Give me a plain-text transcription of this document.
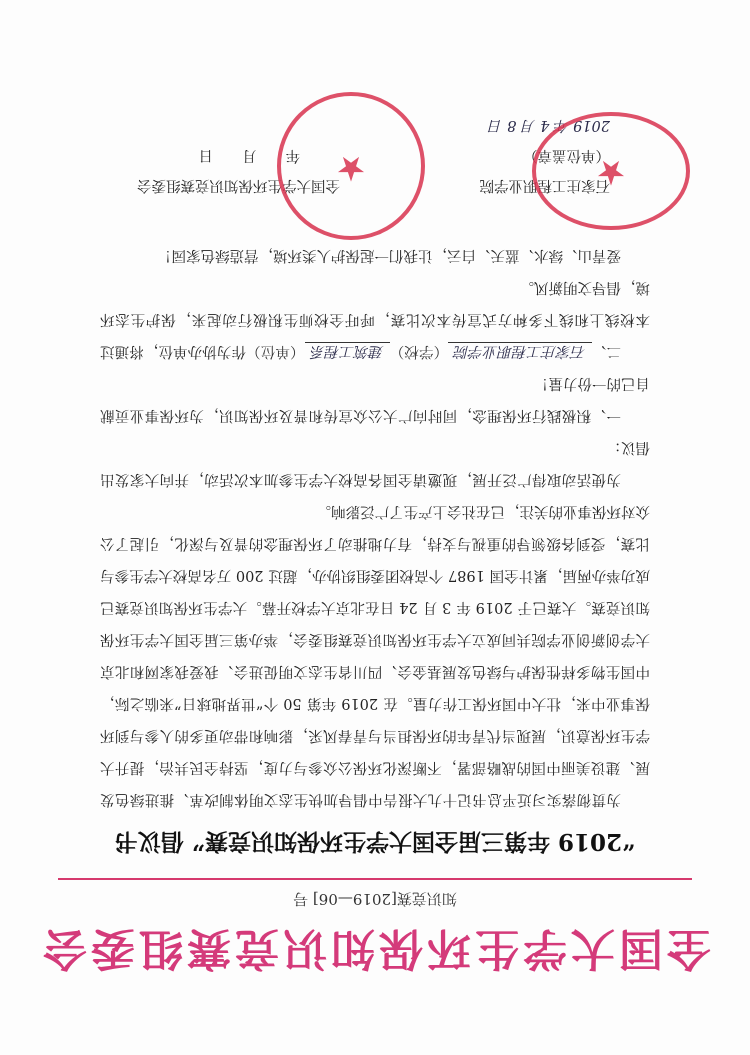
全国大学生环保知识竞赛组委会
知识竞赛[2019—06] 号
“2019 年第三届全国大学生环保知识竞赛” 倡议书

为贯彻落实习近平总书记十九大报告中倡导加快生态文明体制改革、推进绿色发展、建设美丽中国的战略部署，不断深化环保公众参与力度，坚持全民共治，提升大学生环保意识，展现当代青年的环保担当与青春风采，影响和带动更多的人参与到环保事业中来，壮大中国环保工作力量。在 2019 年第 50 个“世界地球日”来临之际，中国生物多样性保护与绿色发展基金会、四川省生态文明促进会、我爱我家网和北京大学创新创业学院共同成立大学生环保知识竞赛组委会，举办第三届全国大学生环保知识竞赛。大赛已于 2019 年 3 月 24 日在北京大学校开幕。大学生环保知识竞赛已成功举办两届，累计全国 1987 个高校团委组织协办，超过 200 万名高校大学生参与比赛，受到各级领导的重视与支持，有力地推动了环保理念的普及与深化，引起了公众对环保事业的关注，已在社会上产生了广泛影响。

为使活动取得广泛开展，现邀请全国各高校大学生参加本次活动，并向大家发出倡议：

一、积极践行环保理念，同时向广大公众宣传和普及环保知识，为环保事业贡献自己的一份力量！

二、石家庄工程职业学院（学校）建筑工程系（单位）作为协办单位，将通过本校线上和线下多种方式宣传本次比赛，呼吁全校师生积极行动起来，保护生态环境，倡导文明新风。

爱青山、绿水、蓝天、白云，让我们一起保护人类环境，营造绿色家园！

全国大学生环保知识竞赛组委会
年　　月　　日
石家庄工程职业学院
（单位盖章）
2019 年 4 月 8 日
★	★
